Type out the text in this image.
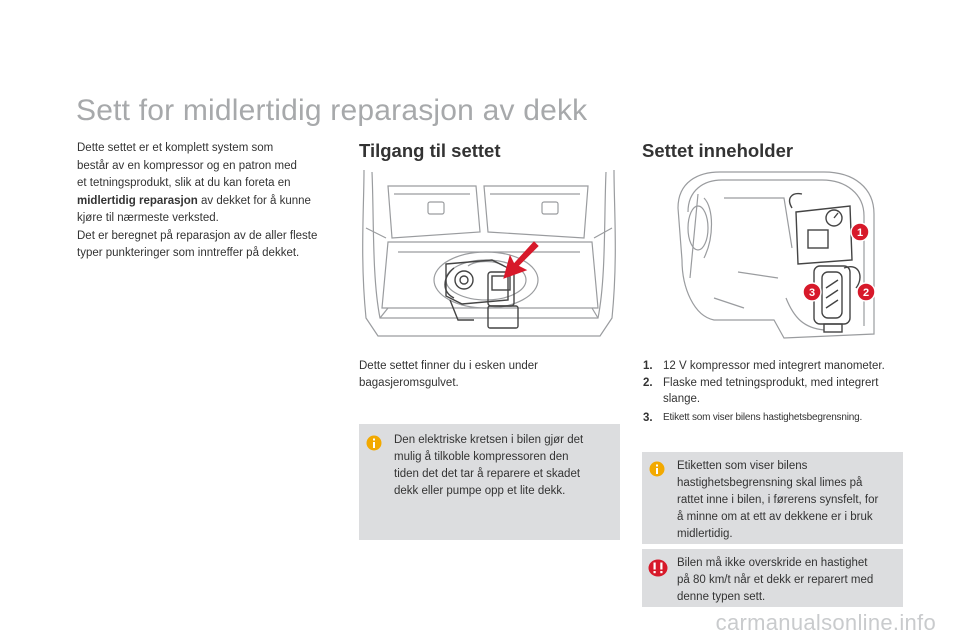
Sett for midlertidig reparasjon av dekk
Dette settet er et komplett system som
består av en kompressor og en patron med
et tetningsprodukt, slik at du kan foreta en
midlertidig reparasjon av dekket for å kunne
kjøre til nærmeste verksted.
Det er beregnet på reparasjon av de aller fleste
typer punkteringer som inntreffer på dekket.
Tilgang til settet
Dette settet finner du i esken under
bagasjeromsgulvet.
Den elektriske kretsen i bilen gjør det
mulig å tilkoble kompressoren den
tiden det det tar å reparere et skadet
dekk eller pumpe opp et lite dekk.
Settet inneholder
1
2
3
1. 12 V kompressor med integrert manometer.
2. Flaske med tetningsprodukt, med integrert
slange.
3. Etikett som viser bilens hastighetsbegrensning.
Etiketten som viser bilens
hastighetsbegrensning skal limes på
rattet inne i bilen, i førerens synsfelt, for
å minne om at ett av dekkene er i bruk
midlertidig.
Bilen må ikke overskride en hastighet
på 80 km/t når et dekk er reparert med
denne typen sett.
carmanualsonline.info
